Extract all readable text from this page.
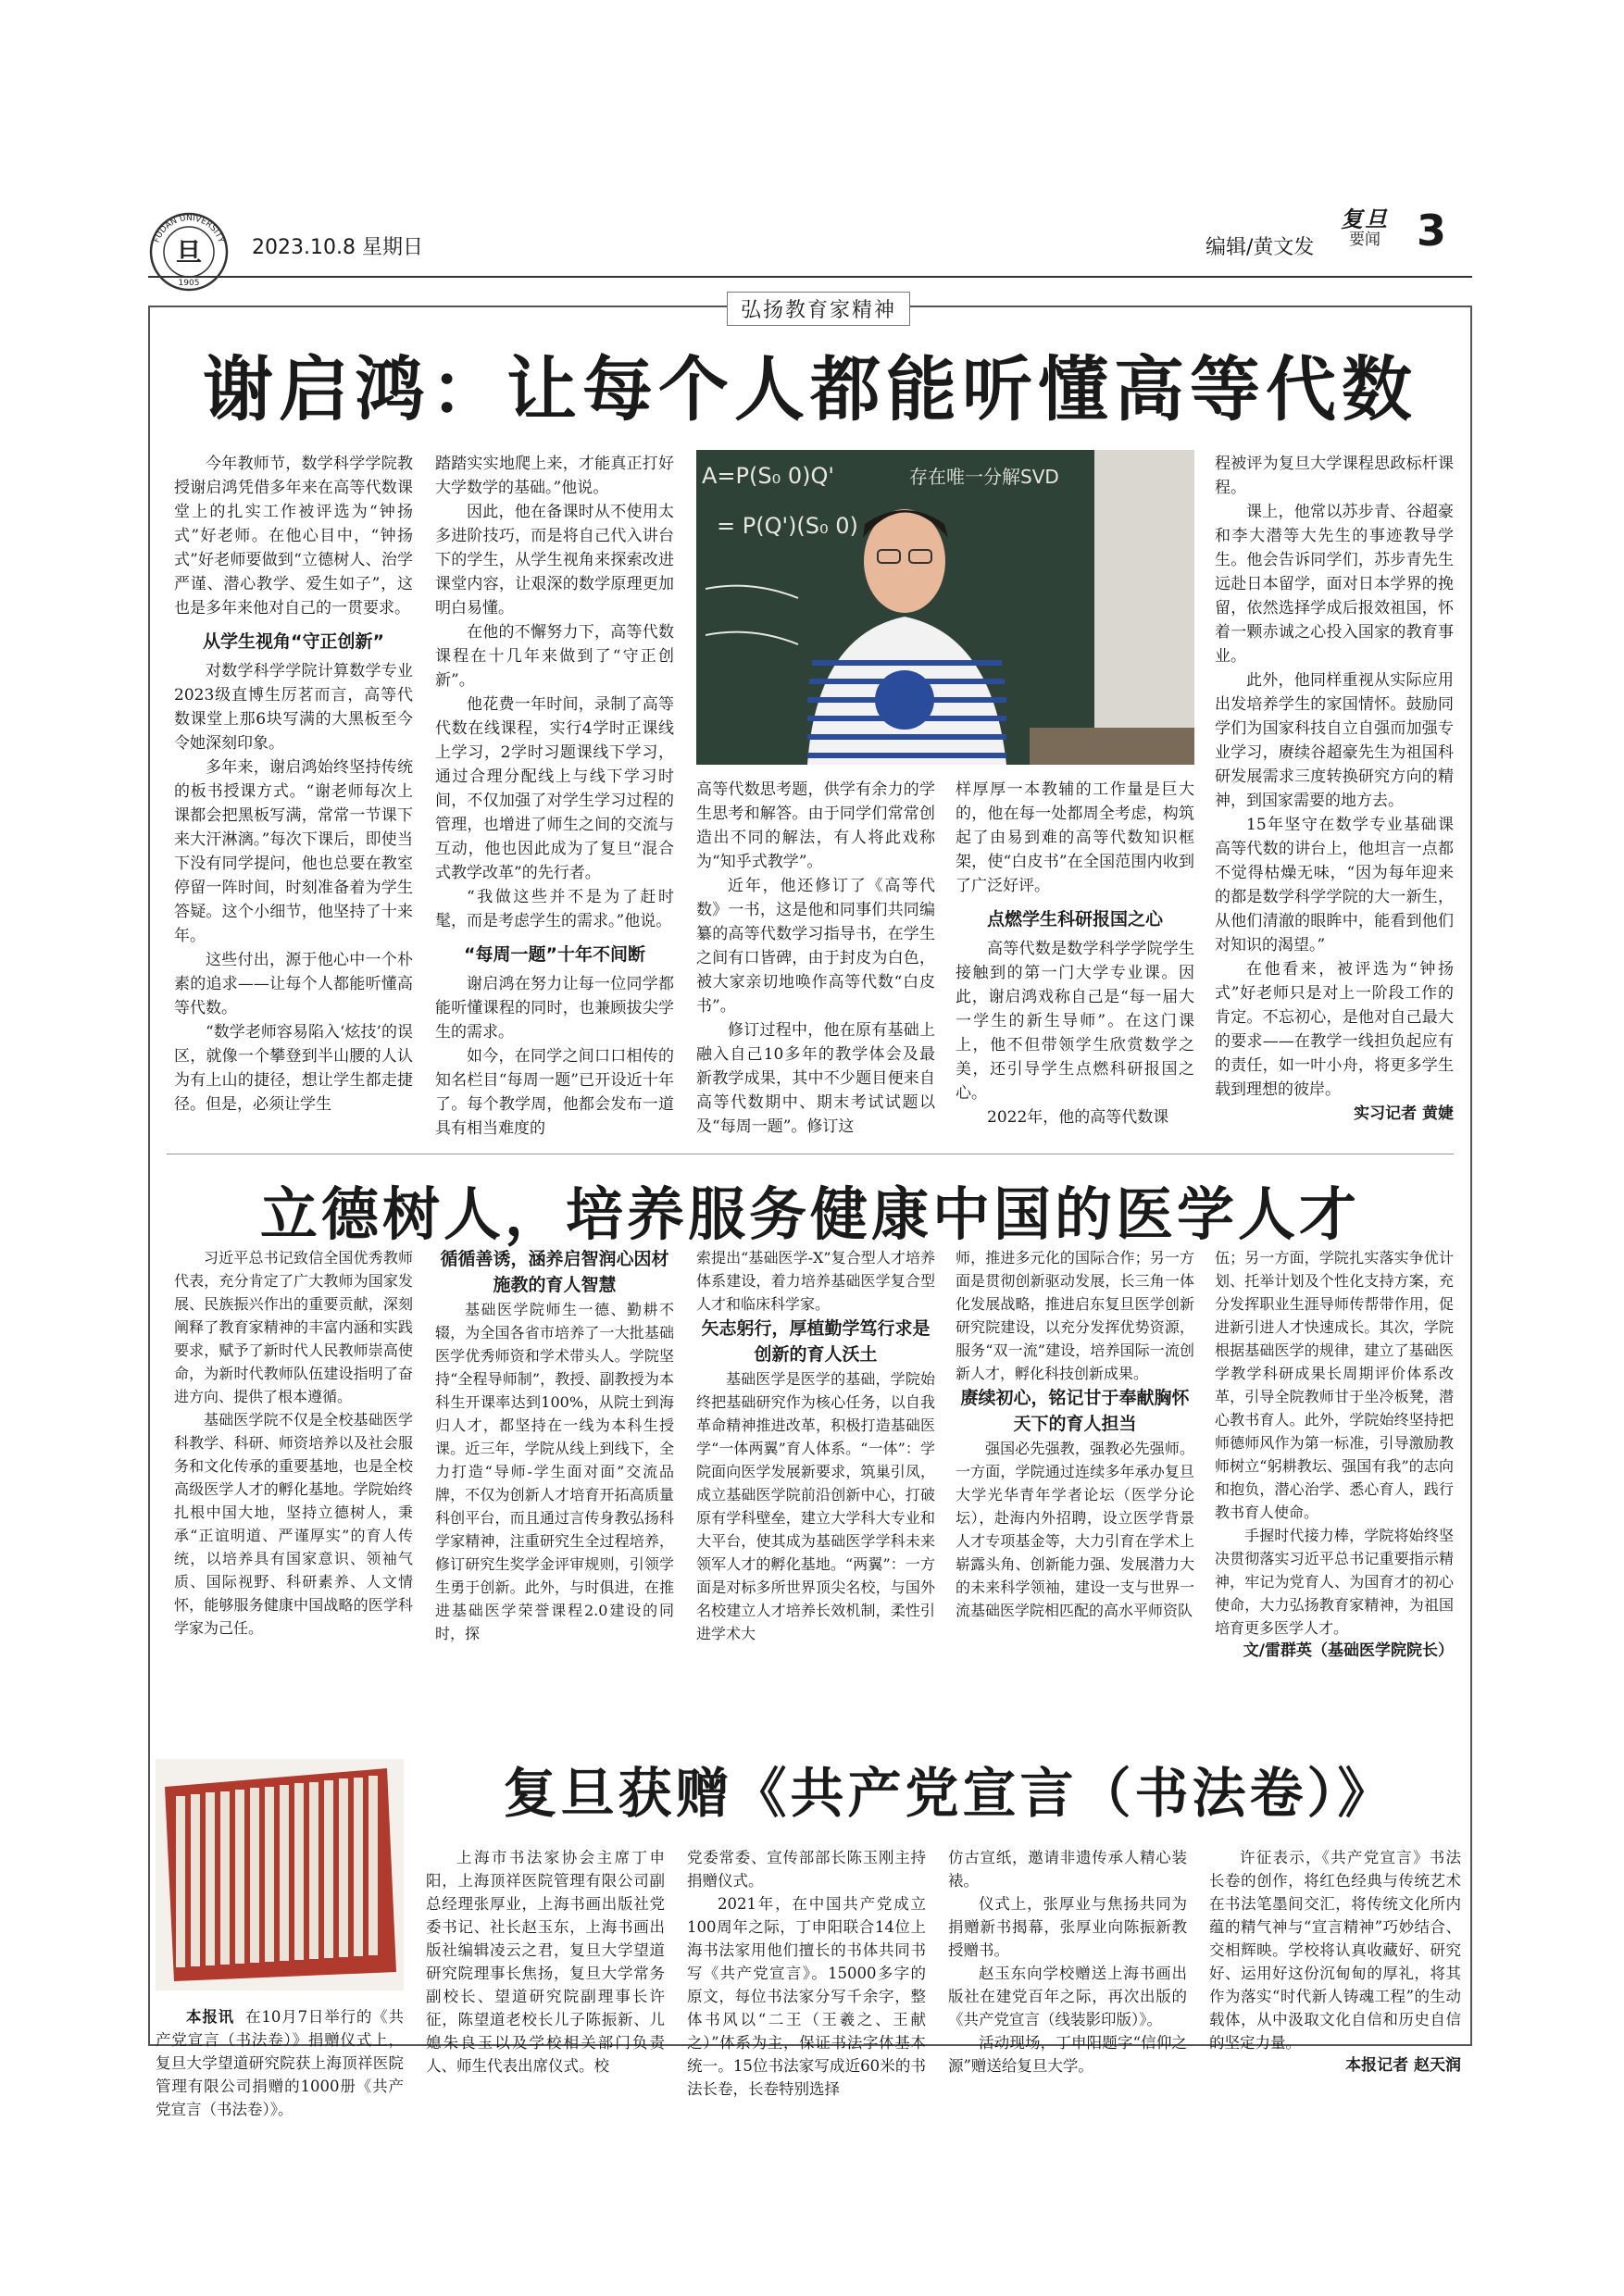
旦
FUDAN UNIVERSITY
1905
2023.10.8 星期日	编辑/黄文发
复旦
要闻 3
弘扬教育家精神
谢启鸿：让每个人都能听懂高等代数

今年教师节，数学科学学院教授谢启鸿凭借多年来在高等代数课堂上的扎实工作被评选为“钟扬式”好老师。在他心目中，“钟扬式”好老师要做到“立德树人、治学严谨、潜心教学、爱生如子”，这也是多年来他对自己的一贯要求。

从学生视角“守正创新”

对数学科学学院计算数学专业2023级直博生厉茗而言，高等代数课堂上那6块写满的大黑板至今令她深刻印象。

多年来，谢启鸿始终坚持传统的板书授课方式。“谢老师每次上课都会把黑板写满，常常一节课下来大汗淋漓。”每次下课后，即使当下没有同学提问，他也总要在教室停留一阵时间，时刻准备着为学生答疑。这个小细节，他坚持了十来年。

这些付出，源于他心中一个朴素的追求——让每个人都能听懂高等代数。

“数学老师容易陷入‘炫技’的误区，就像一个攀登到半山腰的人认为有上山的捷径，想让学生都走捷径。但是，必须让学生

踏踏实实地爬上来，才能真正打好大学数学的基础。”他说。

因此，他在备课时从不使用太多进阶技巧，而是将自己代入讲台下的学生，从学生视角来探索改进课堂内容，让艰深的数学原理更加明白易懂。

在他的不懈努力下，高等代数课程在十几年来做到了“守正创新”。

他花费一年时间，录制了高等代数在线课程，实行4学时正课线上学习，2学时习题课线下学习，通过合理分配线上与线下学习时间，不仅加强了对学生学习过程的管理，也增进了师生之间的交流与互动，他也因此成为了复旦“混合式教学改革”的先行者。

“我做这些并不是为了赶时髦，而是考虑学生的需求。”他说。

“每周一题”十年不间断

谢启鸿在努力让每一位同学都能听懂课程的同时，也兼顾拔尖学生的需求。

如今，在同学之间口口相传的知名栏目“每周一题”已开设近十年了。每个教学周，他都会发布一道具有相当难度的

A=P(S₀ 0)Q'
= P(Q')(S₀ 0)
存在唯一分解SVD

高等代数思考题，供学有余力的学生思考和解答。由于同学们常常创造出不同的解法，有人将此戏称为“知乎式教学”。

近年，他还修订了《高等代数》一书，这是他和同事们共同编纂的高等代数学习指导书，在学生之间有口皆碑，由于封皮为白色，被大家亲切地唤作高等代数“白皮书”。

修订过程中，他在原有基础上融入自己10多年的教学体会及最新教学成果，其中不少题目便来自高等代数期中、期末考试试题以及“每周一题”。修订这

样厚厚一本教辅的工作量是巨大的，他在每一处都周全考虑，构筑起了由易到难的高等代数知识框架，使“白皮书”在全国范围内收到了广泛好评。

点燃学生科研报国之心

高等代数是数学科学学院学生接触到的第一门大学专业课。因此，谢启鸿戏称自己是“每一届大一学生的新生导师”。在这门课上，他不但带领学生欣赏数学之美，还引导学生点燃科研报国之心。

2022年，他的高等代数课

程被评为复旦大学课程思政标杆课程。

课上，他常以苏步青、谷超豪和李大潜等大先生的事迹教导学生。他会告诉同学们，苏步青先生远赴日本留学，面对日本学界的挽留，依然选择学成后报效祖国，怀着一颗赤诚之心投入国家的教育事业。

此外，他同样重视从实际应用出发培养学生的家国情怀。鼓励同学们为国家科技自立自强而加强专业学习，赓续谷超豪先生为祖国科研发展需求三度转换研究方向的精神，到国家需要的地方去。

15年坚守在数学专业基础课高等代数的讲台上，他坦言一点都不觉得枯燥无味，“因为每年迎来的都是数学科学学院的大一新生，从他们清澈的眼眸中，能看到他们对知识的渴望。”

在他看来，被评选为“钟扬式”好老师只是对上一阶段工作的肯定。不忘初心，是他对自己最大的要求——在教学一线担负起应有的责任，如一叶小舟，将更多学生载到理想的彼岸。

实习记者 黄婕

立德树人，培养服务健康中国的医学人才

习近平总书记致信全国优秀教师代表，充分肯定了广大教师为国家发展、民族振兴作出的重要贡献，深刻阐释了教育家精神的丰富内涵和实践要求，赋予了新时代人民教师崇高使命，为新时代教师队伍建设指明了奋进方向、提供了根本遵循。

基础医学院不仅是全校基础医学科教学、科研、师资培养以及社会服务和文化传承的重要基地，也是全校高级医学人才的孵化基地。学院始终扎根中国大地，坚持立德树人，秉承“正谊明道、严谨厚实”的育人传统，以培养具有国家意识、领袖气质、国际视野、科研素养、人文情怀，能够服务健康中国战略的医学科学家为己任。

循循善诱，涵养启智润心因材施教的育人智慧

基础医学院师生一德、勤耕不辍，为全国各省市培养了一大批基础医学优秀师资和学术带头人。学院坚持“全程导师制”，教授、副教授为本科生开课率达到100%，从院士到海归人才，都坚持在一线为本科生授课。近三年，学院从线上到线下，全力打造“导师-学生面对面”交流品牌，不仅为创新人才培育开拓高质量科创平台，而且通过言传身教弘扬科学家精神，注重研究生全过程培养，修订研究生奖学金评审规则，引领学生勇于创新。此外，与时俱进，在推进基础医学荣誉课程2.0建设的同时，探

索提出“基础医学-X”复合型人才培养体系建设，着力培养基础医学复合型人才和临床科学家。

矢志躬行，厚植勤学笃行求是创新的育人沃土

基础医学是医学的基础，学院始终把基础研究作为核心任务，以自我革命精神推进改革，积极打造基础医学“一体两翼”育人体系。“一体”：学院面向医学发展新要求，筑巢引凤，成立基础医学院前沿创新中心，打破原有学科壁垒，建立大学科大专业和大平台，使其成为基础医学学科未来领军人才的孵化基地。“两翼”：一方面是对标多所世界顶尖名校，与国外名校建立人才培养长效机制，柔性引进学术大

师，推进多元化的国际合作；另一方面是贯彻创新驱动发展，长三角一体化发展战略，推进启东复旦医学创新研究院建设，以充分发挥优势资源，服务“双一流”建设，培养国际一流创新人才，孵化科技创新成果。

赓续初心，铭记甘于奉献胸怀天下的育人担当

强国必先强教，强教必先强师。一方面，学院通过连续多年承办复旦大学光华青年学者论坛（医学分论坛），赴海内外招聘，设立医学背景人才专项基金等，大力引育在学术上崭露头角、创新能力强、发展潜力大的未来科学领袖，建设一支与世界一流基础医学院相匹配的高水平师资队

伍；另一方面，学院扎实落实争优计划、托举计划及个性化支持方案，充分发挥职业生涯导师传帮带作用，促进新引进人才快速成长。其次，学院根据基础医学的规律，建立了基础医学教学科研成果长周期评价体系改革，引导全院教师甘于坐冷板凳，潜心教书育人。此外，学院始终坚持把师德师风作为第一标准，引导激励教师树立“躬耕教坛、强国有我”的志向和抱负，潜心治学、悉心育人，践行教书育人使命。

手握时代接力棒，学院将始终坚决贯彻落实习近平总书记重要指示精神，牢记为党育人、为国育才的初心使命，大力弘扬教育家精神，为祖国培育更多医学人才。

文/雷群英（基础医学院院长）

复旦获赠《共产党宣言（书法卷）》

本报讯 在10月7日举行的《共产党宣言（书法卷）》捐赠仪式上，复旦大学望道研究院获上海顶祥医院管理有限公司捐赠的1000册《共产党宣言（书法卷）》。

上海市书法家协会主席丁申阳，上海顶祥医院管理有限公司副总经理张厚业，上海书画出版社党委书记、社长赵玉东，上海书画出版社编辑凌云之君，复旦大学望道研究院理事长焦扬，复旦大学常务副校长、望道研究院副理事长许征，陈望道老校长儿子陈振新、儿媳朱良玉以及学校相关部门负责人、师生代表出席仪式。校

党委常委、宣传部部长陈玉刚主持捐赠仪式。

2021年，在中国共产党成立100周年之际，丁申阳联合14位上海书法家用他们擅长的书体共同书写《共产党宣言》。15000多字的原文，每位书法家分写千余字，整体书风以“二王（王羲之、王献之）”体系为主，保证书法字体基本统一。15位书法家写成近60米的书法长卷，长卷特别选择

仿古宣纸，邀请非遗传承人精心装裱。

仪式上，张厚业与焦扬共同为捐赠新书揭幕，张厚业向陈振新教授赠书。

赵玉东向学校赠送上海书画出版社在建党百年之际，再次出版的《共产党宣言（线装影印版）》。

活动现场，丁申阳题字“信仰之源”赠送给复旦大学。

许征表示，《共产党宣言》书法长卷的创作，将红色经典与传统艺术在书法笔墨间交汇，将传统文化所内蕴的精气神与“宣言精神”巧妙结合、交相辉映。学校将认真收藏好、研究好、运用好这份沉甸甸的厚礼，将其作为落实“时代新人铸魂工程”的生动载体，从中汲取文化自信和历史自信的坚定力量。

本报记者 赵天润
